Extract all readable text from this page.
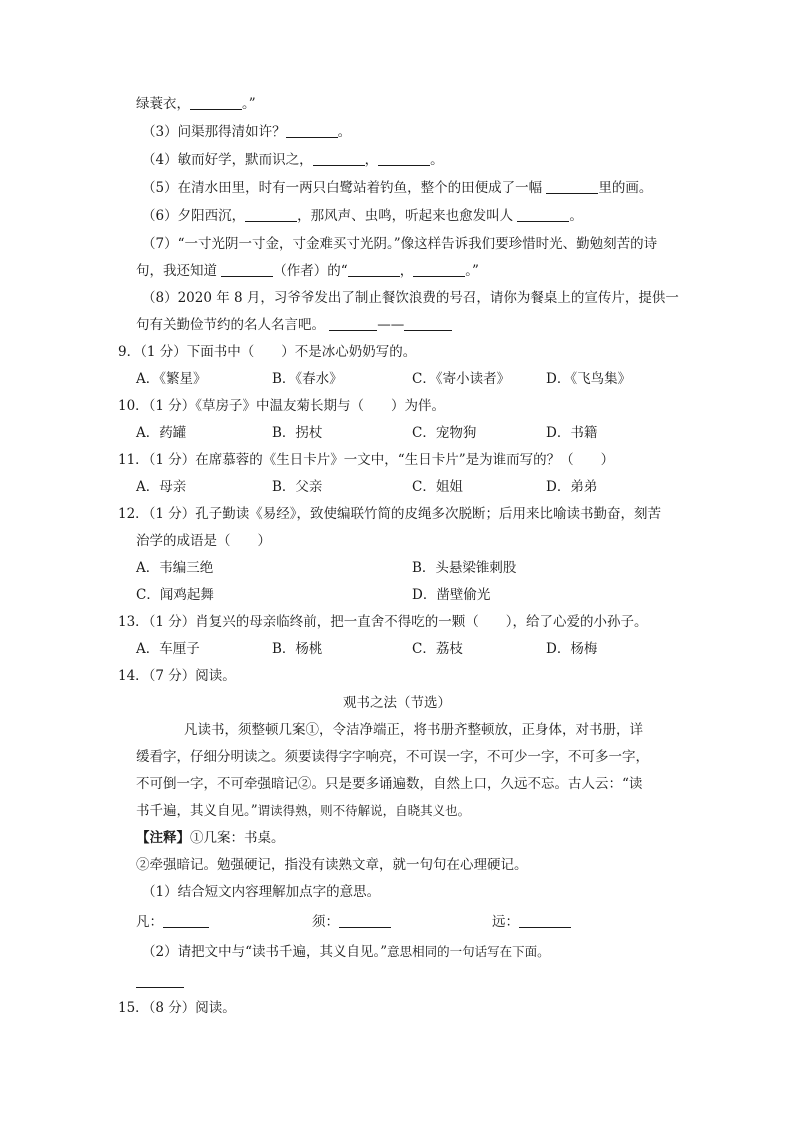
绿蓑衣，	。”
（3）问渠那得清如许？	。
（4）敏而好学，默而识之，	，	。
（5）在清水田里，时有一两只白鹭站着钓鱼，整个的田便成了一幅	里的画。
（6）夕阳西沉，	，那风声、虫鸣，听起来也愈发叫人	。
（7）“一寸光阴一寸金，寸金难买寸光阴。”像这样告诉我们要珍惜时光、勤勉刻苦的诗
句，我还知道	（作者）的“	，	。”
（8）2020 年 8 月，习爷爷发出了制止餐饮浪费的号召，请你为餐桌上的宣传片，提供一
句有关勤俭节约的名人名言吧。	——
9．（1 分）下面书中（　　）不是冰心奶奶写的。
A．《繁星》	B．《春水》	C．《寄小读者》	D．《飞鸟集》
10．（1 分）《草房子》中温友菊长期与（　　）为伴。
A．药罐	B．拐杖	C．宠物狗	D．书籍
11．（1 分）在席慕蓉的《生日卡片》一文中，“生日卡片”是为谁而写的？（　　）
A．母亲	B．父亲	C．姐姐	D．弟弟
12．（1 分）孔子勤读《易经》，致使编联竹简的皮绳多次脱断；后用来比喻读书勤奋，刻苦
治学的成语是（　　）
A．韦编三绝	B．头悬梁锥刺股
C．闻鸡起舞	D．凿壁偷光
13．（1 分）肖复兴的母亲临终前，把一直舍不得吃的一颗（　　），给了心爱的小孙子。
A．车厘子	B．杨桃	C．荔枝	D．杨梅
14．（7 分）阅读。
观书之法（节选）
凡读书，须整顿几案①，令洁净端正，将书册齐整顿放，正身体，对书册，详
缓看字，仔细分明读之。须要读得字字响亮，不可误一字，不可少一字，不可多一字，
不可倒一字，不可牵强暗记②。只是要多诵遍数，自然上口，久远不忘。古人云：“读
书千遍，其义自见。”谓读得熟，则不待解说，自晓其义也。
【注释】①几案：书桌。
②牵强暗记。勉强硬记，指没有读熟文章，就一句句在心理硬记。
（1）结合短文内容理解加点字的意思。
凡：	须：	远：
（2）请把文中与“读书千遍，其义自见。”意思相同的一句话写在下面。
15．（8 分）阅读。
